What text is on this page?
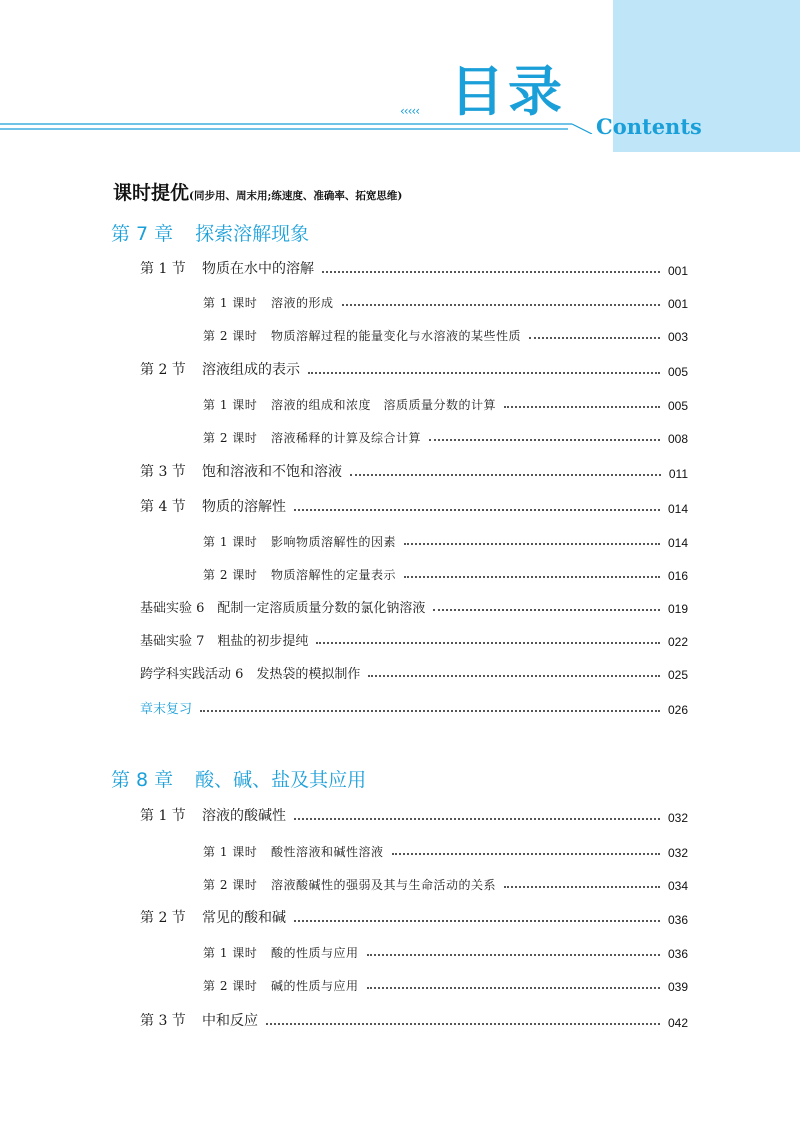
‹‹‹‹‹ 目录
Contents
课时提优(同步用、周末用;练速度、准确率、拓宽思维)
第 7 章 探索溶解现象
第 1 节 物质在水中的溶解	001
第 1 课时 溶液的形成	001
第 2 课时 物质溶解过程的能量变化与水溶液的某些性质	003
第 2 节 溶液组成的表示	005
第 1 课时 溶液的组成和浓度　溶质质量分数的计算	005
第 2 课时 溶液稀释的计算及综合计算	008
第 3 节 饱和溶液和不饱和溶液	011
第 4 节 物质的溶解性	014
第 1 课时 影响物质溶解性的因素	014
第 2 课时 物质溶解性的定量表示	016
基础实验 6　配制一定溶质质量分数的氯化钠溶液	019
基础实验 7　粗盐的初步提纯	022
跨学科实践活动 6　发热袋的模拟制作	025
章末复习	026
第 8 章 酸、碱、盐及其应用
第 1 节 溶液的酸碱性	032
第 1 课时 酸性溶液和碱性溶液	032
第 2 课时 溶液酸碱性的强弱及其与生命活动的关系	034
第 2 节 常见的酸和碱	036
第 1 课时 酸的性质与应用	036
第 2 课时 碱的性质与应用	039
第 3 节 中和反应	042
